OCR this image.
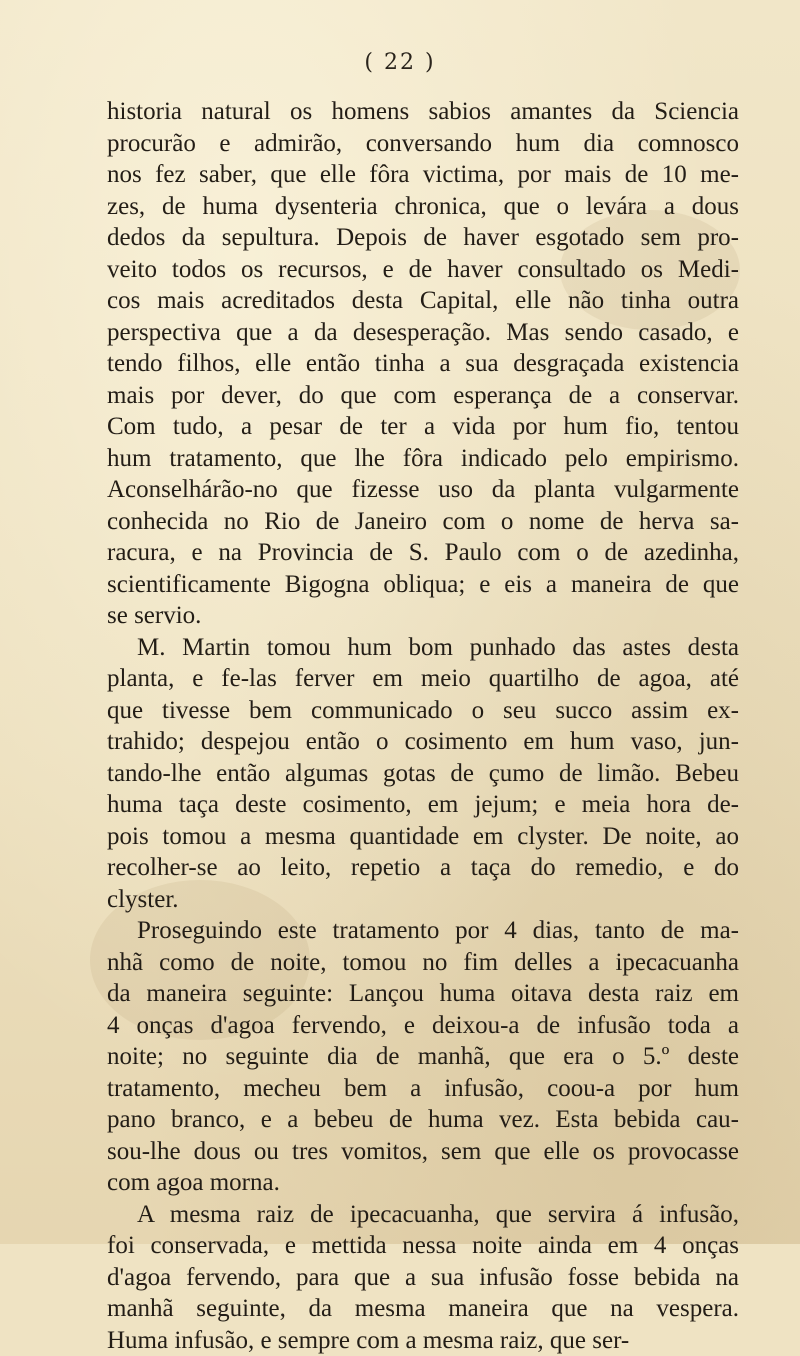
( 22 )
historia natural os homens sabios amantes da Sciencia
procurão e admirão, conversando hum dia comnosco
nos fez saber, que elle fôra victima, por mais de 10 me-
zes, de huma dysenteria chronica, que o levára a dous
dedos da sepultura. Depois de haver esgotado sem pro-
veito todos os recursos, e de haver consultado os Medi-
cos mais acreditados desta Capital, elle não tinha outra
perspectiva que a da desesperação. Mas sendo casado, e
tendo filhos, elle então tinha a sua desgraçada existencia
mais por dever, do que com esperança de a conservar.
Com tudo, a pesar de ter a vida por hum fio, tentou
hum tratamento, que lhe fôra indicado pelo empirismo.
Aconselhárão-no que fizesse uso da planta vulgarmente
conhecida no Rio de Janeiro com o nome de herva sa-
racura, e na Provincia de S. Paulo com o de azedinha,
scientificamente Bigogna obliqua; e eis a maneira de que
se servio.
M. Martin tomou hum bom punhado das astes desta
planta, e fe-las ferver em meio quartilho de agoa, até
que tivesse bem communicado o seu succo assim ex-
trahido; despejou então o cosimento em hum vaso, jun-
tando-lhe então algumas gotas de çumo de limão. Bebeu
huma taça deste cosimento, em jejum; e meia hora de-
pois tomou a mesma quantidade em clyster. De noite, ao
recolher-se ao leito, repetio a taça do remedio, e do
clyster.
Proseguindo este tratamento por 4 dias, tanto de ma-
nhã como de noite, tomou no fim delles a ipecacuanha
da maneira seguinte: Lançou huma oitava desta raiz em
4 onças d'agoa fervendo, e deixou-a de infusão toda a
noite; no seguinte dia de manhã, que era o 5.º deste
tratamento, mecheu bem a infusão, coou-a por hum
pano branco, e a bebeu de huma vez. Esta bebida cau-
sou-lhe dous ou tres vomitos, sem que elle os provocasse
com agoa morna.
A mesma raiz de ipecacuanha, que servira á infusão,
foi conservada, e mettida nessa noite ainda em 4 onças
d'agoa fervendo, para que a sua infusão fosse bebida na
manhã seguinte, da mesma maneira que na vespera.
Huma infusão, e sempre com a mesma raiz, que ser-
